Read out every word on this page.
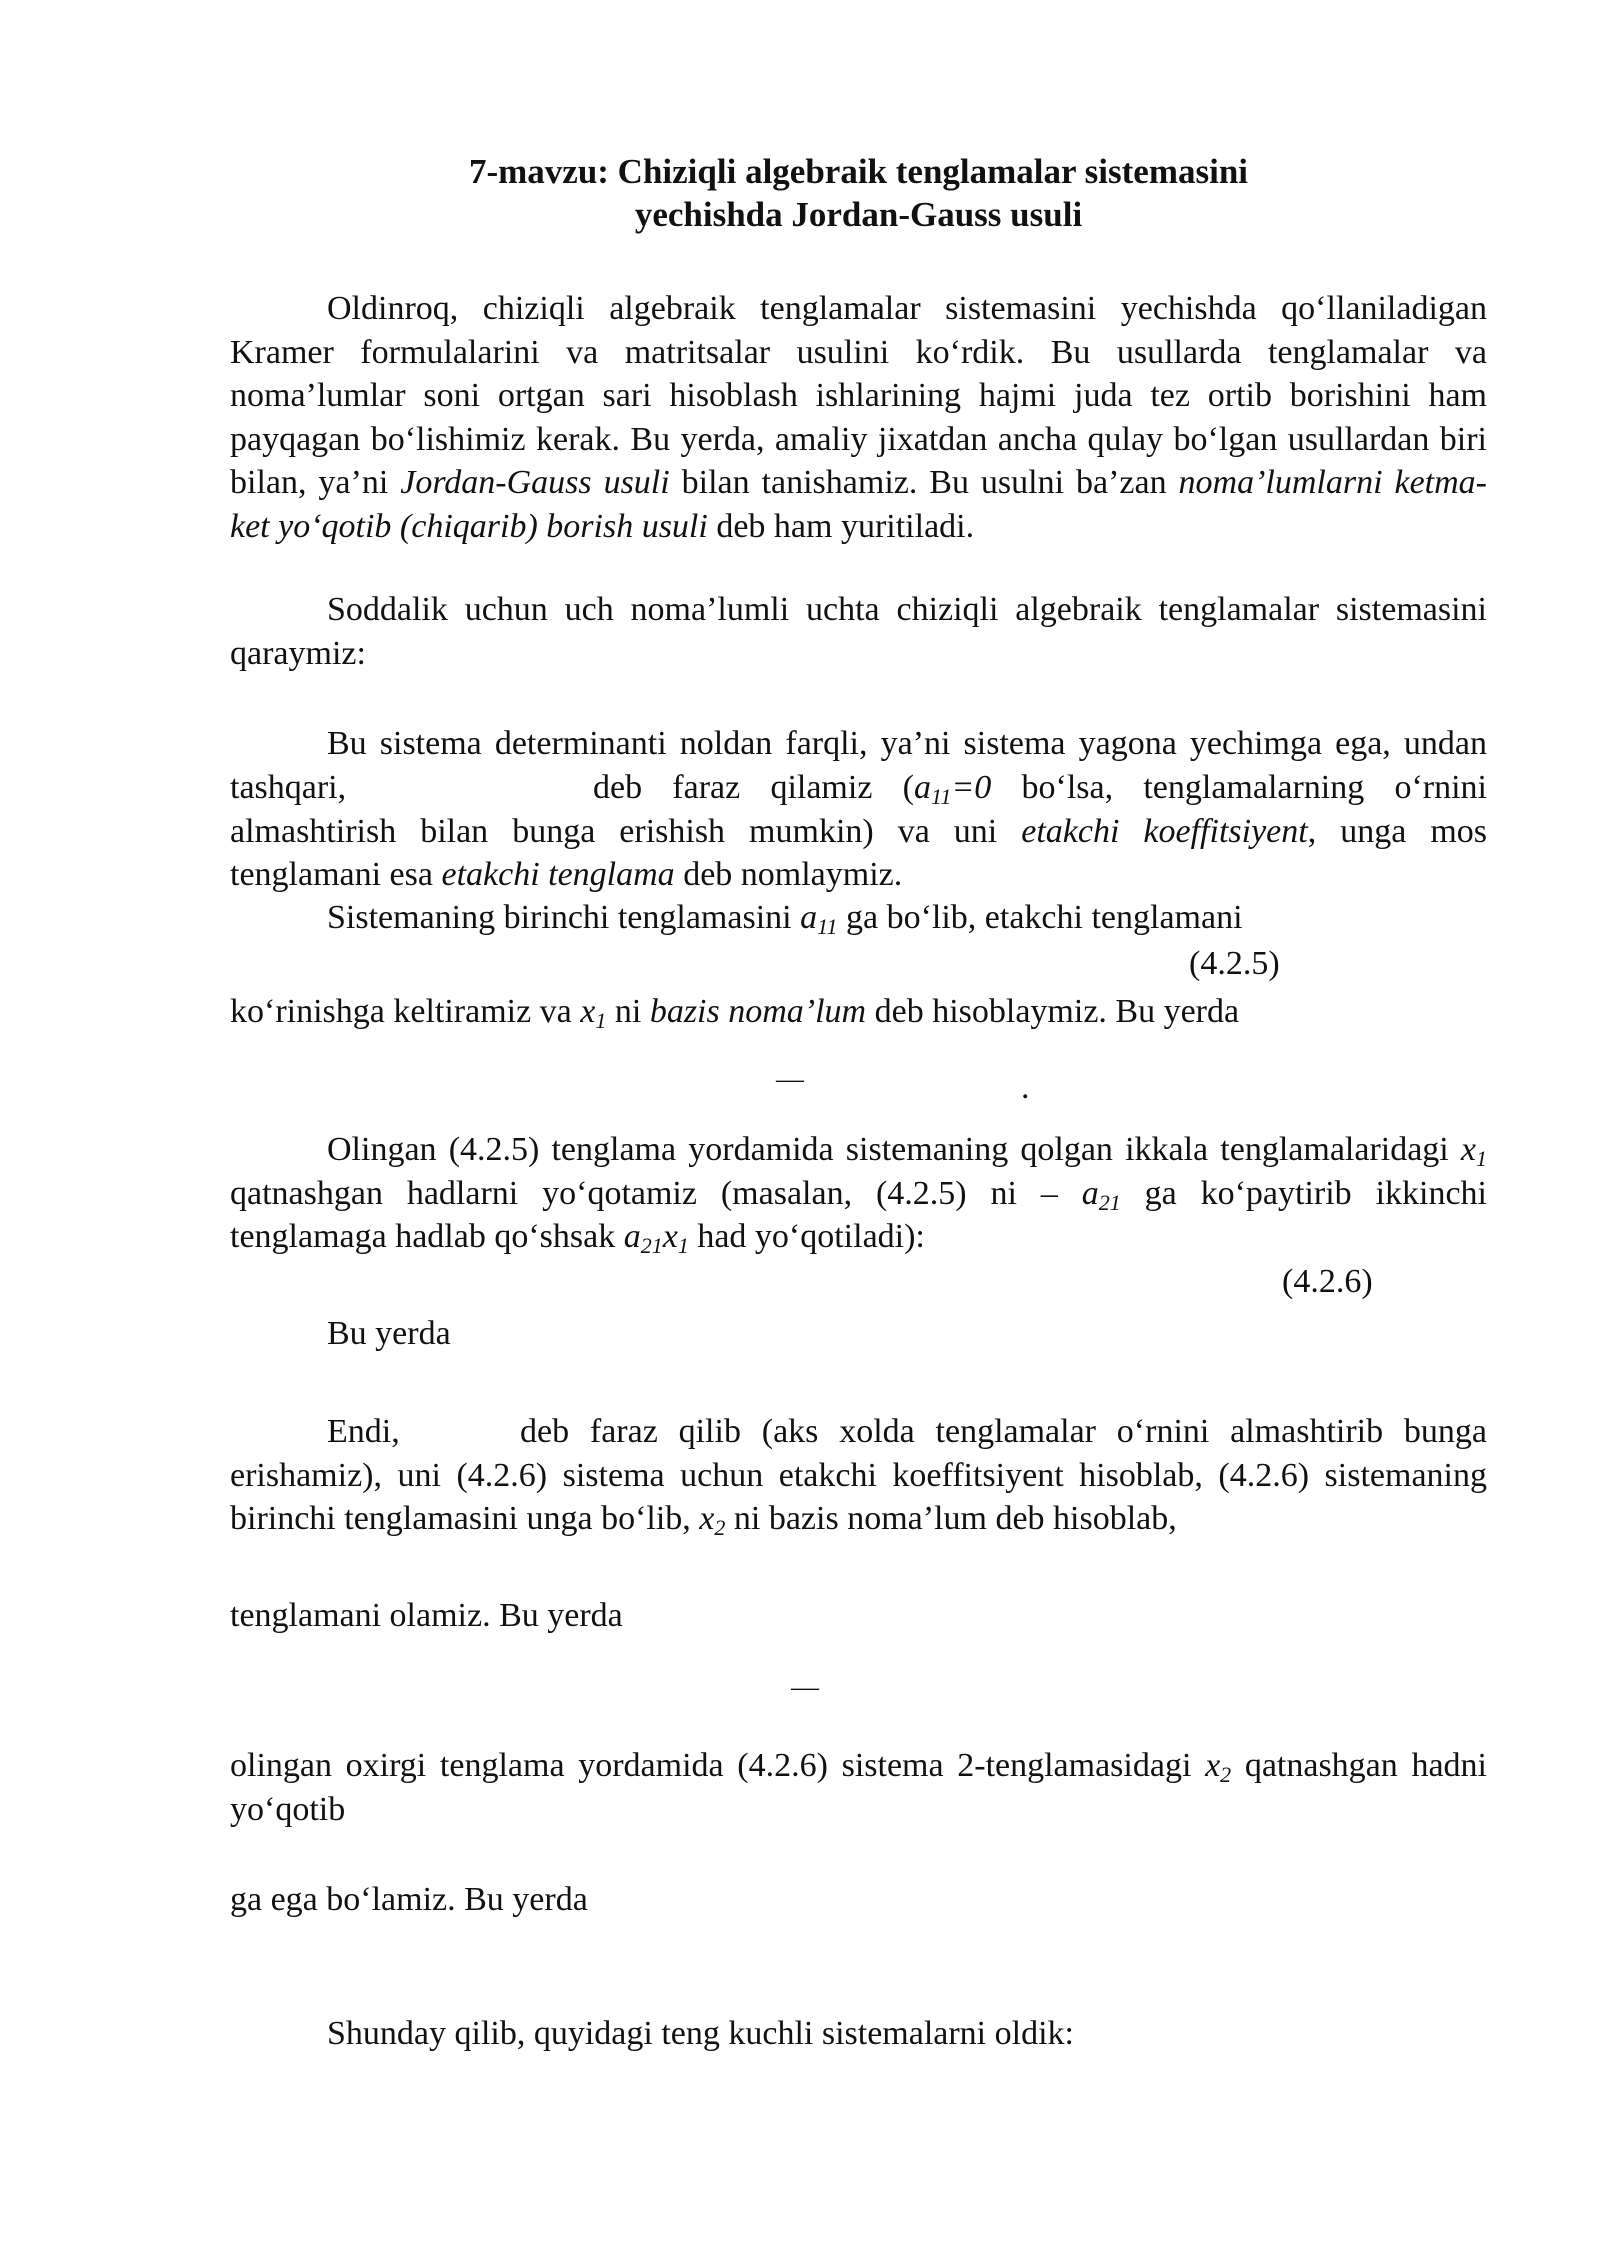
7-mavzu: Chiziqli algebraik tenglamalar sistemasini
yechishda Jordan-Gauss usuli

Oldinroq, chiziqli algebraik tenglamalar sistemasini yechishda qo‘llaniladigan Kramer formulalarini va matritsalar usulini ko‘rdik. Bu usullarda tenglamalar va noma’lumlar soni ortgan sari hisoblash ishlarining hajmi juda tez ortib borishini ham payqagan bo‘lishimiz kerak. Bu yerda, amaliy jixatdan ancha qulay bo‘lgan usullardan biri bilan, ya’ni Jordan-Gauss usuli bilan tanishamiz. Bu usulni ba’zan noma’lumlarni ketma-ket yo‘qotib (chiqarib) borish usuli deb ham yuritiladi.

Soddalik uchun uch noma’lumli uchta chiziqli algebraik tenglamalar sistemasini qaraymiz:

Bu sistema determinanti noldan farqli, ya’ni sistema yagona yechimga ega, undan tashqari,	deb faraz qilamiz ($a_{11}=0$ bo‘lsa, tenglamalarning o‘rnini almashtirish bilan bunga erishish mumkin) va uni etakchi koeffitsiyent, unga mos tenglamani esa etakchi tenglama deb nomlaymiz.

Sistemaning birinchi tenglamasini $a_{11}$ ga bo‘lib, etakchi tenglamani
(4.2.5)
ko‘rinishga keltiramiz va $x_1$ ni bazis noma’lum deb hisoblaymiz. Bu yerda
—	.

Olingan (4.2.5) tenglama yordamida sistemaning qolgan ikkala tenglamalaridagi $x_1$ qatnashgan hadlarni yo‘qotamiz (masalan, (4.2.5) ni – $a_{21}$ ga ko‘paytirib ikkinchi tenglamaga hadlab qo‘shsak $a_{21}x_1$ had yo‘qotiladi):

(4.2.6)
Bu yerda
Endi,	deb faraz qilib (aks xolda tenglamalar o‘rnini almashtirib bunga erishamiz), uni (4.2.6) sistema uchun etakchi koeffitsiyent hisoblab, (4.2.6) sistemaning birinchi tenglamasini unga bo‘lib, $x_2$ ni bazis noma’lum deb hisoblab,

tenglamani olamiz. Bu yerda
—

olingan oxirgi tenglama yordamida (4.2.6) sistema 2-tenglamasidagi $x_2$ qatnashgan hadni yo‘qotib

ga ega bo‘lamiz. Bu yerda
Shunday qilib, quyidagi teng kuchli sistemalarni oldik:
